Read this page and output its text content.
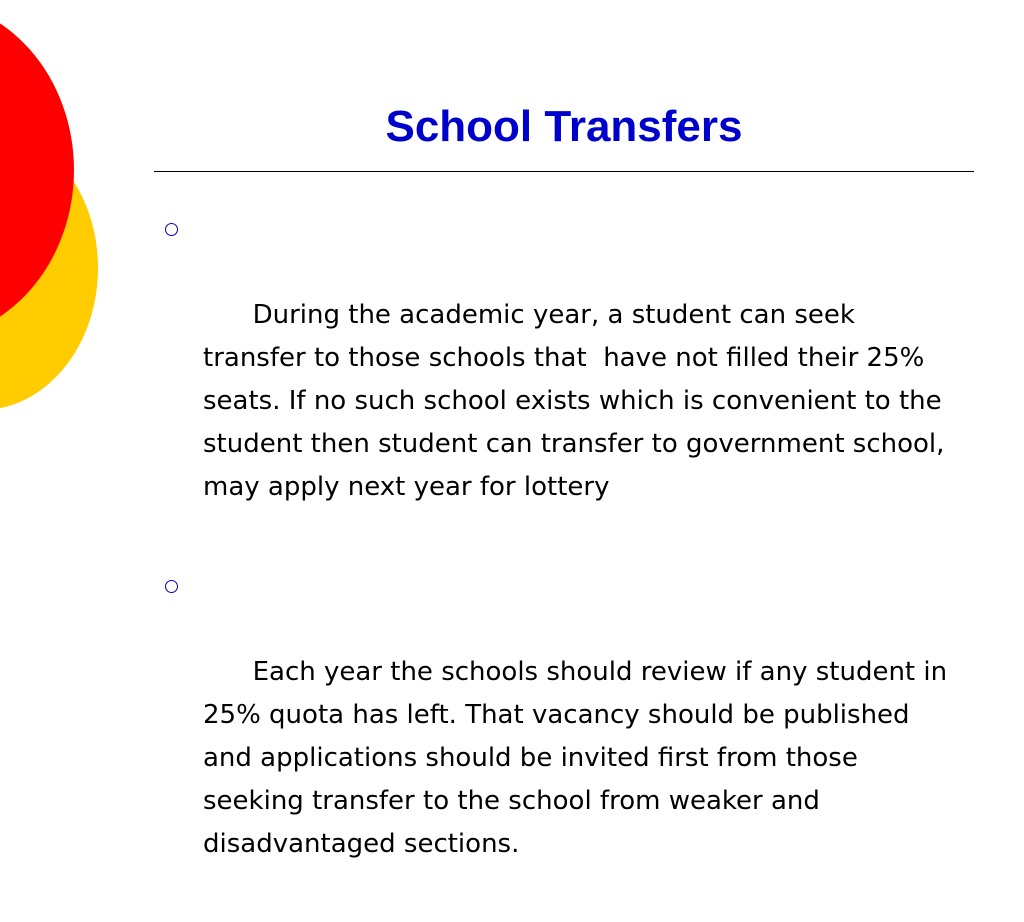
School Transfers

During the academic year, a student can seek transfer to those schools that  have not filled their 25%  seats. If no such school exists which is convenient to the student then student can transfer to government school, may apply next year for lottery

Each year the schools should review if any student in 25% quota has left. That vacancy should be published and applications should be invited first from those seeking transfer to the school from weaker and disadvantaged sections.
